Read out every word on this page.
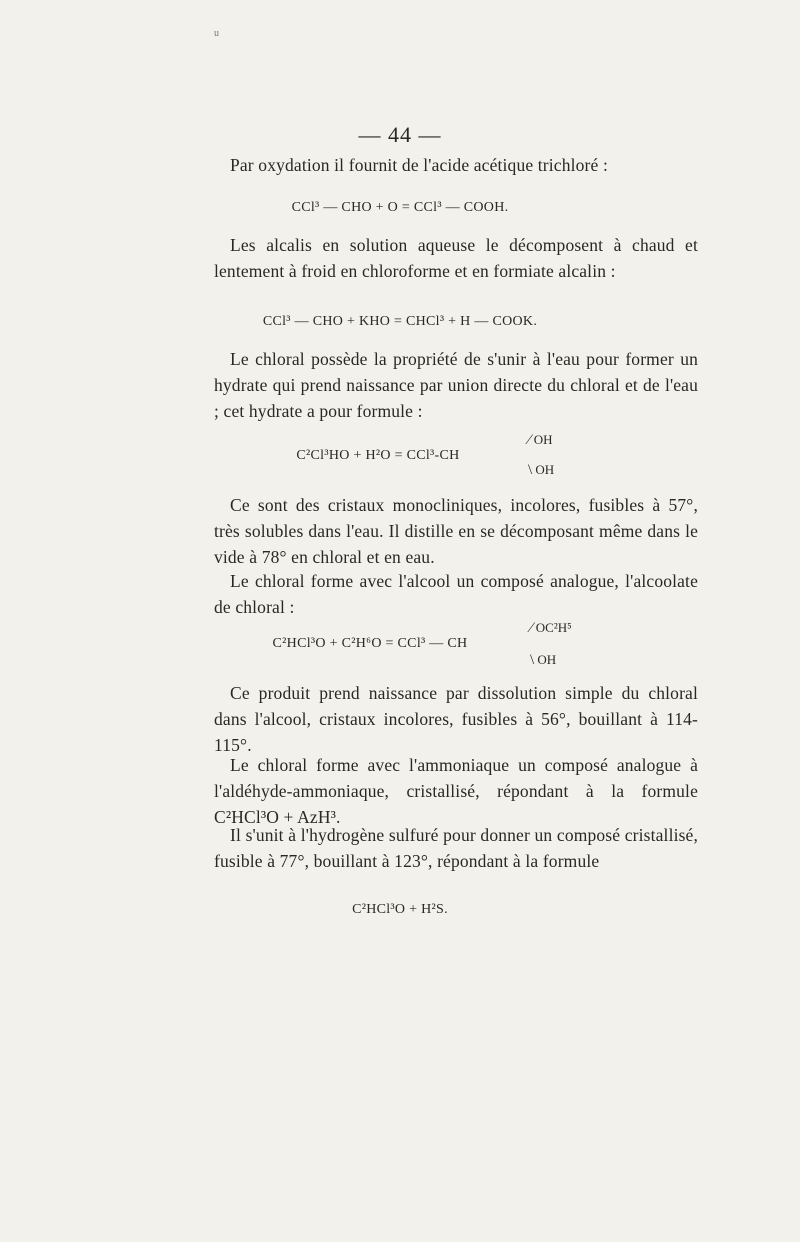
u
— 44 —

Par oxydation il fournit de l'acide acétique trichloré :

CCl³ — CHO + O = CCl³ — COOH.

Les alcalis en solution aqueuse le décomposent à chaud et lentement à froid en chloroforme et en formiate alcalin :

CCl³ — CHO + KHO = CHCl³ + H — COOK.

Le chloral possède la propriété de s'unir à l'eau pour former un hydrate qui prend naissance par union directe du chloral et de l'eau ; cet hydrate a pour formule :

C²Cl³HO + H²O = CCl³-CH
⁄ OH
\ OH

Ce sont des cristaux monocliniques, incolores, fusibles à 57°, très solubles dans l'eau. Il distille en se décomposant même dans le vide à 78° en chloral et en eau.

Le chloral forme avec l'alcool un composé analogue, l'alcoolate de chloral :

C²HCl³O + C²H⁶O = CCl³ — CH
⁄ OC²H⁵
\ OH

Ce produit prend naissance par dissolution simple du chloral dans l'alcool, cristaux incolores, fusibles à 56°, bouillant à 114-115°.

Le chloral forme avec l'ammoniaque un composé analogue à l'aldéhyde-ammoniaque, cristallisé, répondant à la formule C²HCl³O + AzH³.

Il s'unit à l'hydrogène sulfuré pour donner un composé cristallisé, fusible à 77°, bouillant à 123°, répondant à la formule

C²HCl³O + H²S.
